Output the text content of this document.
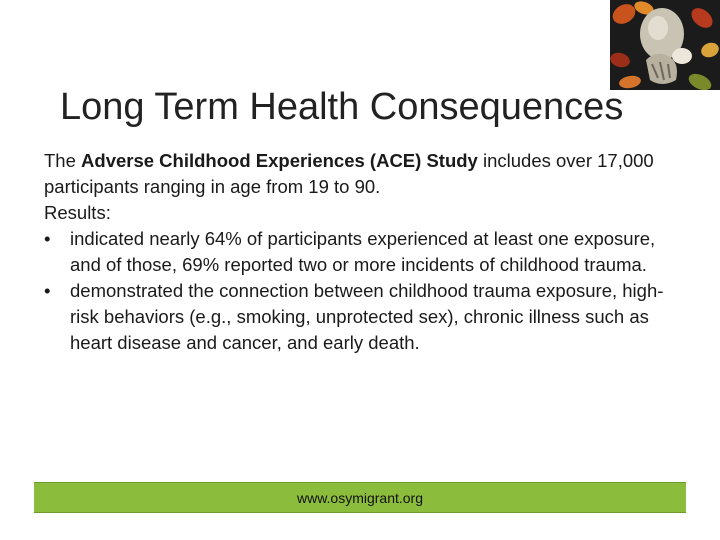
Long Term Health Consequences

The Adverse Childhood Experiences (ACE) Study includes over 17,000 participants ranging in age from 19 to 90.

Results:

• indicated nearly 64% of participants experienced at least one exposure, and of those, 69% reported two or more incidents of childhood trauma.
• demonstrated the connection between childhood trauma exposure, high-risk behaviors (e.g., smoking, unprotected sex), chronic illness such as heart disease and cancer, and early death.
www.osymigrant.org
